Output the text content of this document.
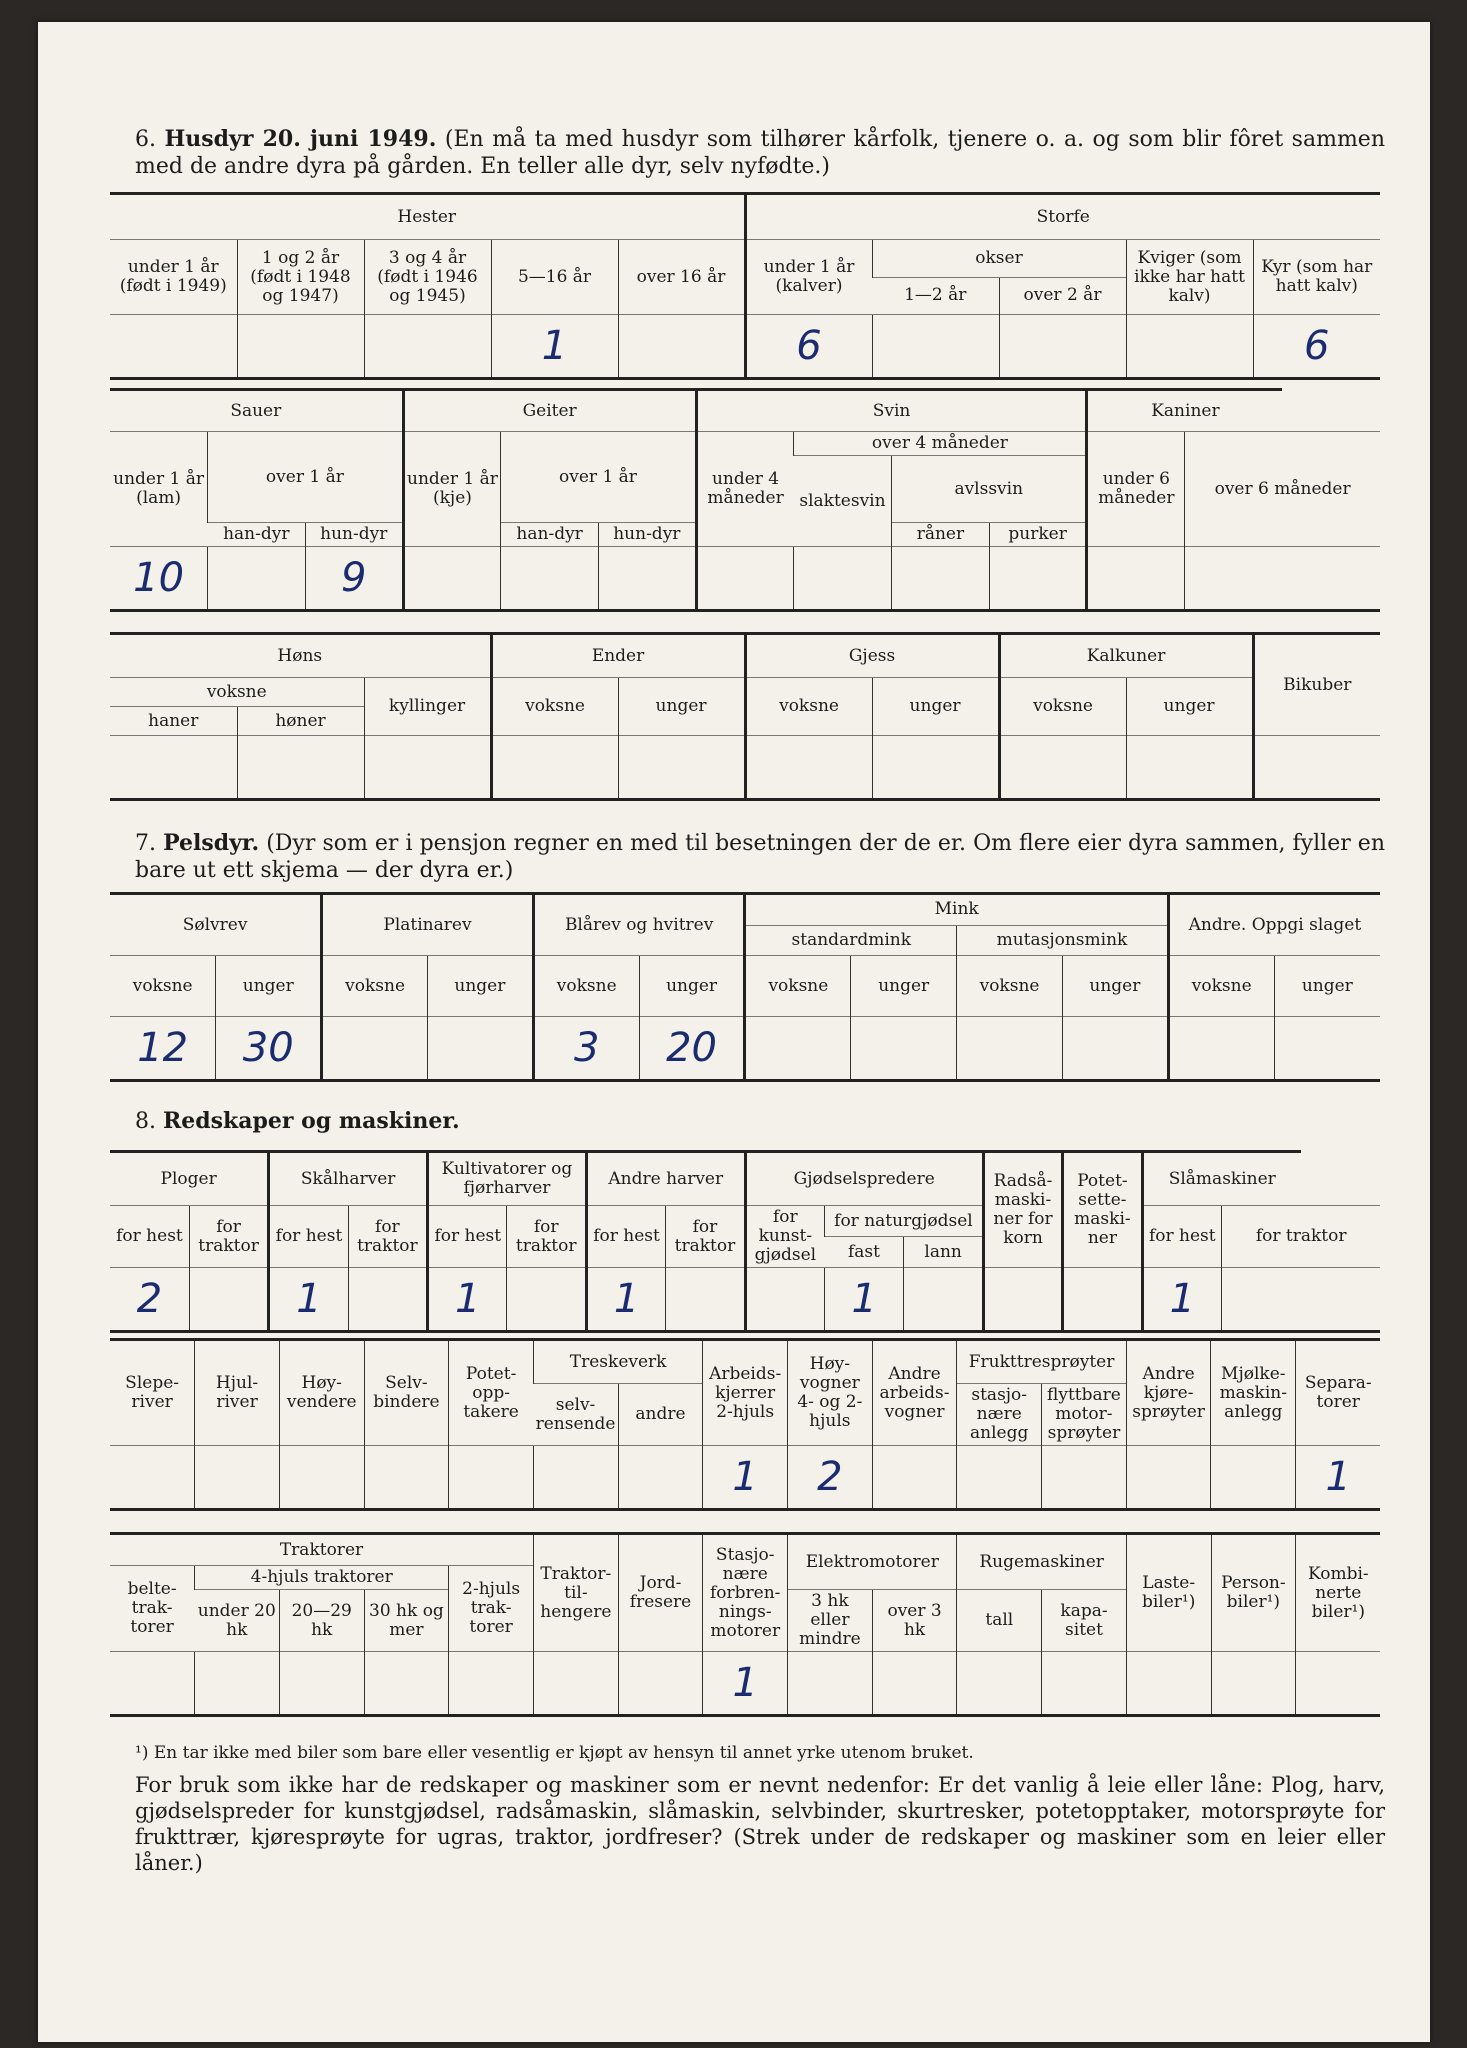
6. Husdyr 20. juni 1949. (En må ta med husdyr som tilhører kårfolk, tjenere o. a. og som blir fôret sammen med de andre dyra på gården. En teller alle dyr, selv nyfødte.)
Hester					Storfe				
under 1 år (født i 1949)	1 og 2 år (født i 1948 og 1947)	3 og 4 år (født i 1946 og 1945)	5—16 år	over 16 år	under 1 år (kalver)	okser		Kviger (som ikke har hatt kalv)	Kyr (som har hatt kalv)
						1—2 år	over 2 år		
			1		6				6
Sauer			Geiter			Svin				Kaniner
under 1 år (lam)	over 1 år		under 1 år (kje)	over 1 år		under 4 måneder	over 4 måneder			under 6 måneder	over 6 måneder
							slaktesvin	avlssvin			
	han-dyr	hun-dyr		han-dyr	hun-dyr			råner	purker		
10		9									
Høns			Ender		Gjess		Kalkuner		Bikuber
voksne		kyllinger	voksne	unger	voksne	unger	voksne	unger	
haner	høner								

7. Pelsdyr. (Dyr som er i pensjon regner en med til besetningen der de er. Om flere eier dyra sammen, fyller en bare ut ett skjema — der dyra er.)
Sølvrev		Platinarev		Blårev og hvitrev		Mink				Andre. Oppgi slaget	
						standardmink		mutasjonsmink			
voksne	unger	voksne	unger	voksne	unger	voksne	unger	voksne	unger	voksne	unger
12	30			3	20						
8. Redskaper og maskiner.
Ploger		Skålharver		Kultivatorer og fjørharver		Andre harver		Gjødselspredere			Radså-maski-ner for korn	Potet-sette-maski-ner	Slåmaskiner
for hest	for traktor	for hest	for traktor	for hest	for traktor	for hest	for traktor	for kunst-gjødsel	for naturgjødsel				for hest	for traktor
									fast	lann				
2		1		1		1			1				1	
Slepe-river	Hjul-river	Høy-vendere	Selv-bindere	Potet-opp-takere	Treskeverk		Arbeids-kjerrer 2-hjuls	Høy-vogner 4- og 2-hjuls	Andre arbeids-vogner	Frukttresprøyter		Andre kjøre-sprøyter	Mjølke-maskin-anlegg	Separa-torer
					selv-rensende	andre				stasjo-nære anlegg	flyttbare motor-sprøyter			
							1	2						1
Traktorer					Traktor-til-hengere	Jord-fresere	Stasjo-nære forbren-nings-motorer	Elektromotorer		Rugemaskiner		Laste-biler¹)	Person-biler¹)	Kombi-nerte biler¹)
belte-trak-torer	4-hjuls traktorer			2-hjuls trak-torer										
	under 20 hk	20—29 hk	30 hk og mer					3 hk eller mindre	over 3 hk	tall	kapa-sitet			
							1							
¹) En tar ikke med biler som bare eller vesentlig er kjøpt av hensyn til annet yrke utenom bruket.
For bruk som ikke har de redskaper og maskiner som er nevnt nedenfor: Er det vanlig å leie eller låne: Plog, harv, gjødselspreder for kunstgjødsel, radsåmaskin, slåmaskin, selvbinder, skurtresker, potetopptaker, motorsprøyte for frukttrær, kjøresprøyte for ugras, traktor, jordfreser? (Strek under de redskaper og maskiner som en leier eller låner.)
